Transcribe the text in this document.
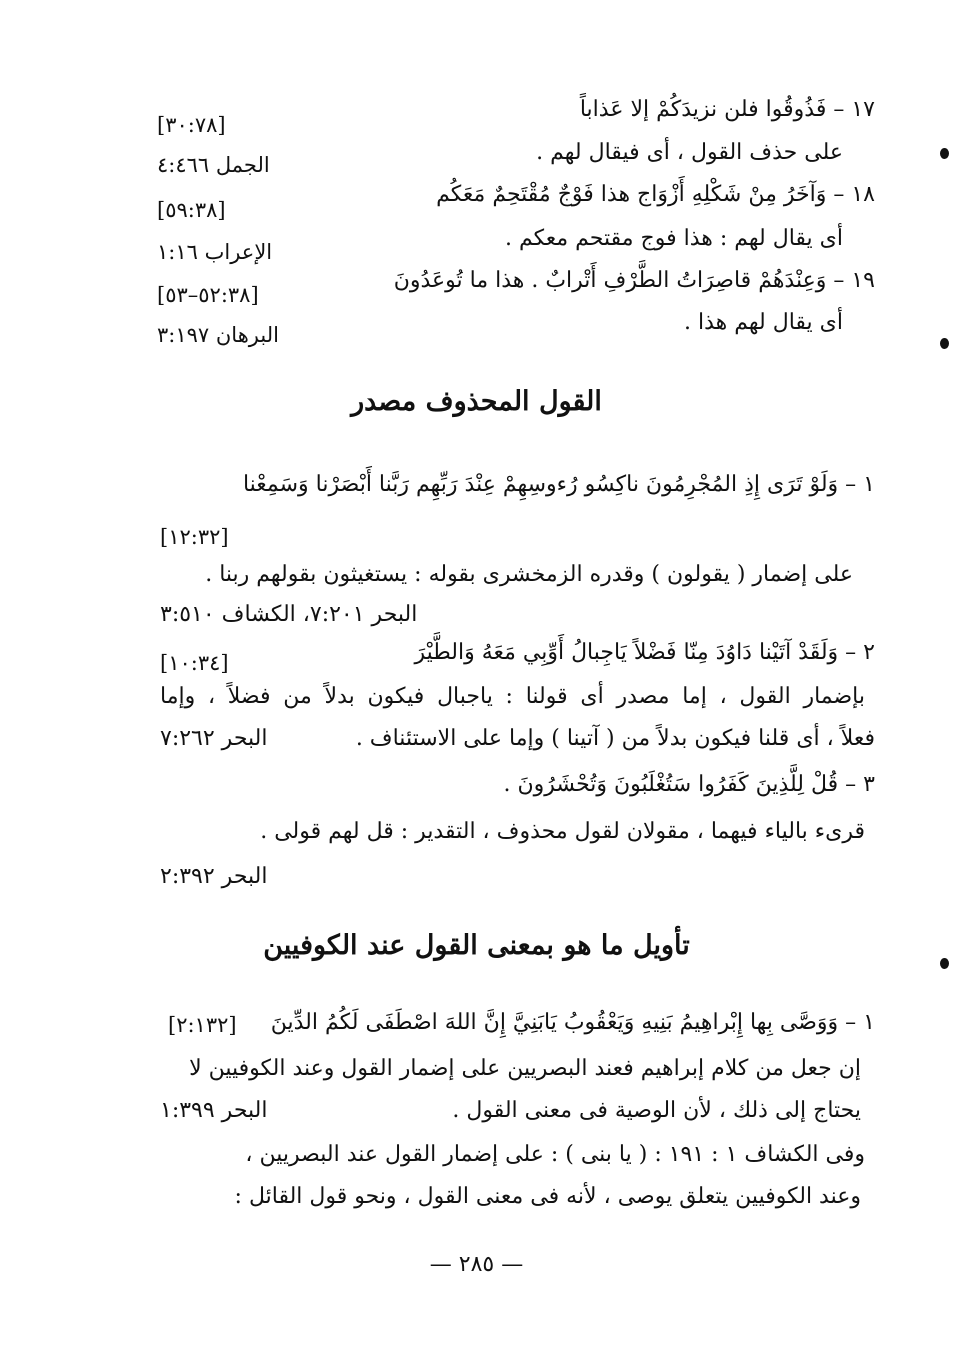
١٧ – فَذُوقُوا فلن نزيدَكُمْ إلا عَذاباً
على حذف القول ، أى فيقال لهم .
١٨ – وَآخَرُ مِنْ شَكْلِهِ أَزْوَاج هذا فَوْجٌ مُقْتَحِمٌ مَعَكُم
أى يقال لهم : هذا فوج مقتحم معكم .
١٩ – وَعِنْدَهُمْ قاصِرَاتُ الطَّرْفِ أَتْرابٌ . هذا ما تُوعَدُونَ
أى يقال لهم هذا .
[٣٠:٧٨]
الجمل ٤:٤٦٦
[٥٩:٣٨]
الإعراب ١:١٦
[٥٢:٣٨–٥٣]
البرهان ٣:١٩٧
القول المحذوف مصدر
١ – وَلَوْ تَرَى إِذِ المُجْرِمُونَ ناكِسُو رُءوسِهِمْ عِنْدَ رَبِّهِم رَبَّنا أَبْصَرْنا وَسَمِعْنا
[١٢:٣٢]
على إضمار ( يقولون ) وقدره الزمخشرى بقوله : يستغيثون بقولهم ربنا .
البحر ٧:٢٠١، الكشاف ٣:٥١٠
٢ – وَلَقَدْ آتَيْنا دَاوُدَ مِنّا فَضْلاً يَاجِبالُ أَوِّبِي مَعَهُ وَالطَّيْرَ
[١٠:٣٤]
بإضمار القول ، إما مصدر أى قولنا : ياجبال فيكون بدلاً من فضلاً ، وإما
فعلاً ، أى قلنا فيكون بدلاً من ( آتينا ) وإما على الاستئناف .
البحر ٧:٢٦٢
٣ – قُلْ لِلَّذِينَ كَفَرُوا سَتُغْلَبُونَ وَتُحْشَرُونَ .
قرىء بالياء فيهما ، مقولان لقول محذوف ، التقدير : قل لهم قولى .
البحر ٢:٣٩٢
تأويل ما هو بمعنى القول عند الكوفيين
١ – وَوَصَّى بِها إِبْراهِيمُ بَنِيهِ وَيَعْقُوبُ يَابَنِيَّ إِنَّ اللهَ اصْطَفَى لَكُمُ الدِّينَ
[٢:١٣٢]
إن جعل من كلام إبراهيم فعند البصريين على إضمار القول وعند الكوفيين لا
يحتاج إلى ذلك ، لأن الوصية فى معنى القول .
البحر ١:٣٩٩
وفى الكشاف ١ : ١٩١ : ( يا بنى ) : على إضمار القول عند البصريين ،
وعند الكوفيين يتعلق يوصى ، لأنه فى معنى القول ، ونحو قول القائل :
— ٢٨٥ —
